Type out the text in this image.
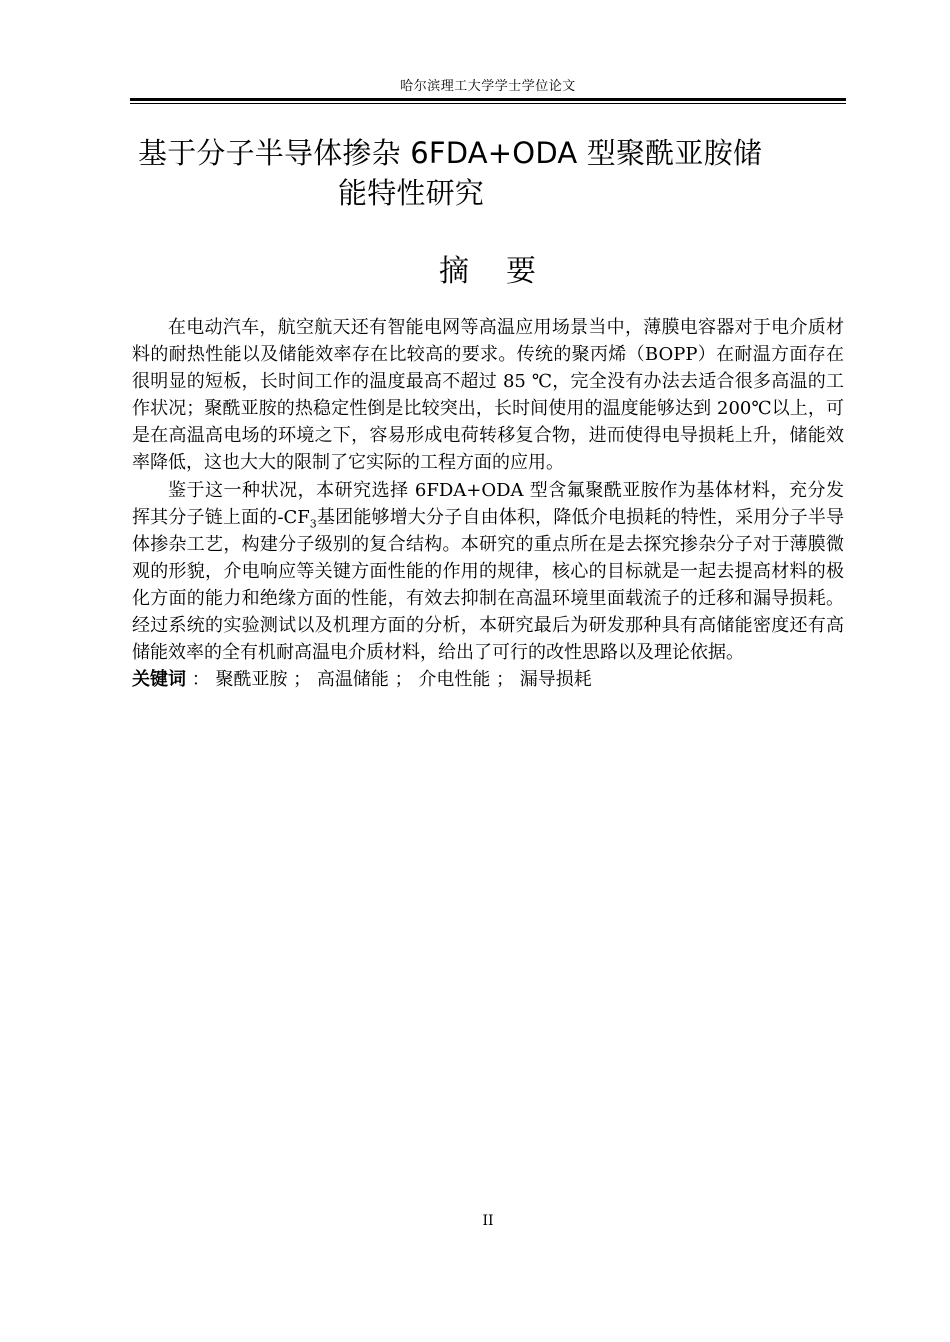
哈尔滨理工大学学士学位论文
基于分子半导体掺杂 6FDA+ODA 型聚酰亚胺储
能特性研究
摘 要

在电动汽车，航空航天还有智能电网等高温应用场景当中，薄膜电容器对于电介质材料的耐热性能以及储能效率存在比较高的要求。传统的聚丙烯（BOPP）在耐温方面存在很明显的短板，长时间工作的温度最高不超过 85 ℃，完全没有办法去适合很多高温的工作状况；聚酰亚胺的热稳定性倒是比较突出，长时间使用的温度能够达到 200℃以上，可是在高温高电场的环境之下，容易形成电荷转移复合物，进而使得电导损耗上升，储能效率降低，这也大大的限制了它实际的工程方面的应用。

鉴于这一种状况，本研究选择 6FDA+ODA 型含氟聚酰亚胺作为基体材料，充分发挥其分子链上面的$-CF_3$基团能够增大分子自由体积，降低介电损耗的特性，采用分子半导体掺杂工艺，构建分子级别的复合结构。本研究的重点所在是去探究掺杂分子对于薄膜微观的形貌，介电响应等关键方面性能的作用的规律，核心的目标就是一起去提高材料的极化方面的能力和绝缘方面的性能，有效去抑制在高温环境里面载流子的迁移和漏导损耗。经过系统的实验测试以及机理方面的分析，本研究最后为研发那种具有高储能密度还有高储能效率的全有机耐高温电介质材料，给出了可行的改性思路以及理论依据。

关键词 ： 聚酰亚胺 ； 高温储能 ； 介电性能 ； 漏导损耗
II
